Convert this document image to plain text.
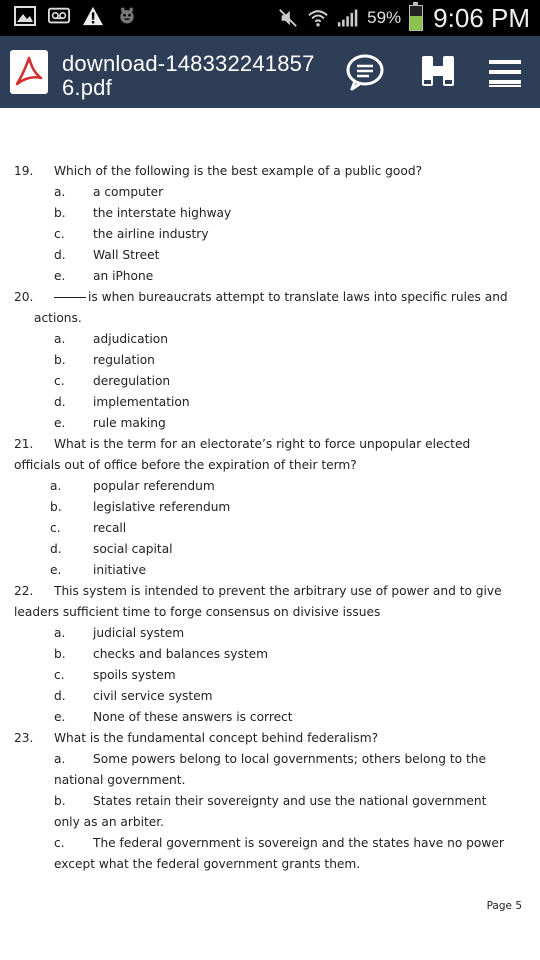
59% 9:06 PM
download-148332241857
6.pdf
19. Which of the following is the best example of a public good?
a. a computer
b. the interstate highway
c. the airline industry
d. Wall Street
e. an iPhone
20.	is when bureaucrats attempt to translate laws into specific rules and
actions.
a. adjudication
b. regulation
c. deregulation
d. implementation
e. rule making
21. What is the term for an electorate’s right to force unpopular elected
officials out of office before the expiration of their term?
a.	popular referendum
b.	legislative referendum
c.	recall
d.	social capital
e.	initiative
22. This system is intended to prevent the arbitrary use of power and to give
leaders sufficient time to forge consensus on divisive issues
a. judicial system
b. checks and balances system
c. spoils system
d. civil service system
e. None of these answers is correct
23. What is the fundamental concept behind federalism?
a. Some powers belong to local governments; others belong to the
national government.
b. States retain their sovereignty and use the national government
only as an arbiter.
c. The federal government is sovereign and the states have no power
except what the federal government grants them.
Page 5
